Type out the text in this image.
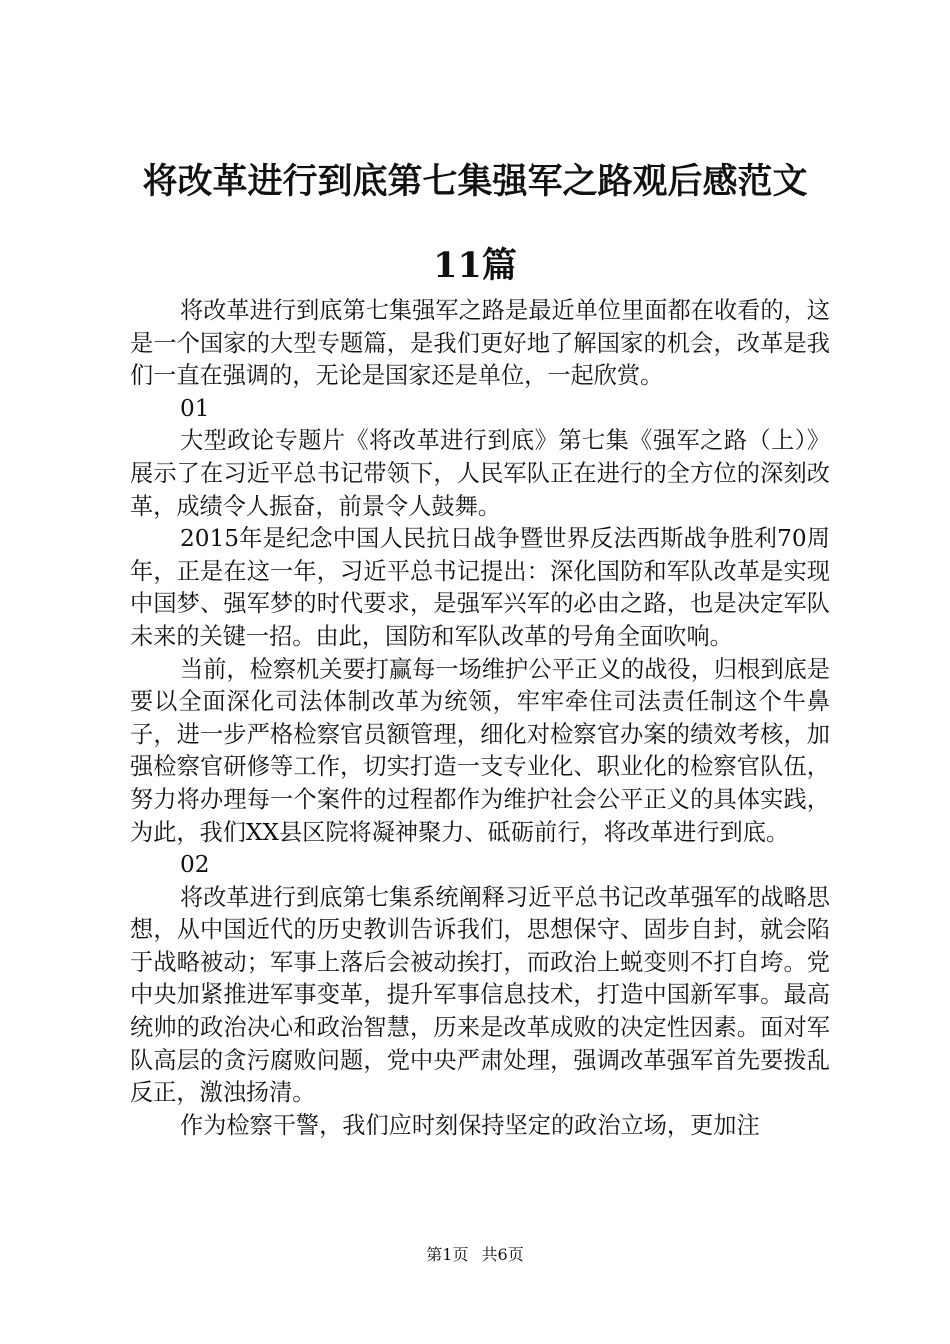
将改革进行到底第七集强军之路观后感范文
11篇

将改革进行到底第七集强军之路是最近单位里面都在收看的，这是一个国家的大型专题篇，是我们更好地了解国家的机会，改革是我们一直在强调的，无论是国家还是单位，一起欣赏。

01

大型政论专题片《将改革进行到底》第七集《强军之路（上）》展示了在习近平总书记带领下，人民军队正在进行的全方位的深刻改革，成绩令人振奋，前景令人鼓舞。

2015年是纪念中国人民抗日战争暨世界反法西斯战争胜利70周年，正是在这一年，习近平总书记提出：深化国防和军队改革是实现中国梦、强军梦的时代要求，是强军兴军的必由之路，也是决定军队未来的关键一招。由此，国防和军队改革的号角全面吹响。

当前，检察机关要打赢每一场维护公平正义的战役，归根到底是要以全面深化司法体制改革为统领，牢牢牵住司法责任制这个牛鼻子，进一步严格检察官员额管理，细化对检察官办案的绩效考核，加强检察官研修等工作，切实打造一支专业化、职业化的检察官队伍，努力将办理每一个案件的过程都作为维护社会公平正义的具体实践，为此，我们XX县区院将凝神聚力、砥砺前行，将改革进行到底。

02

将改革进行到底第七集系统阐释习近平总书记改革强军的战略思想，从中国近代的历史教训告诉我们，思想保守、固步自封，就会陷于战略被动；军事上落后会被动挨打，而政治上蜕变则不打自垮。党中央加紧推进军事变革，提升军事信息技术，打造中国新军事。最高统帅的政治决心和政治智慧，历来是改革成败的决定性因素。面对军队高层的贪污腐败问题，党中央严肃处理，强调改革强军首先要拨乱反正，激浊扬清。

作为检察干警，我们应时刻保持坚定的政治立场，更加注

第1页 共6页
